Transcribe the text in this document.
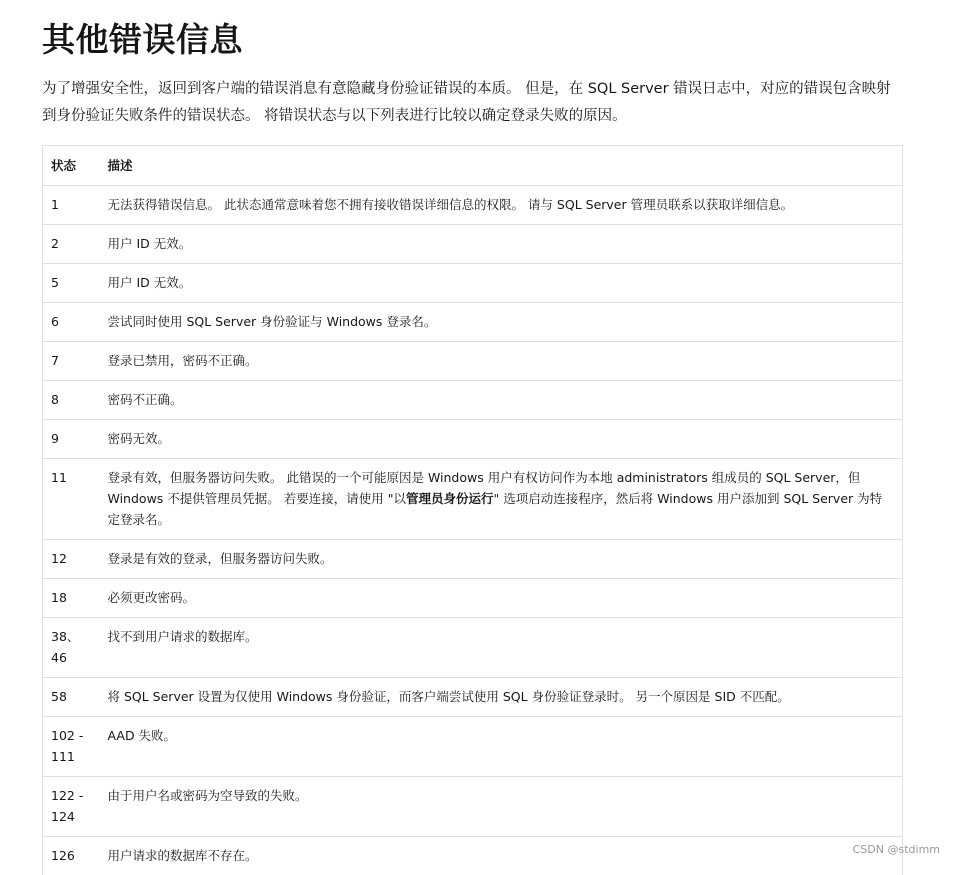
其他错误信息

为了增强安全性，返回到客户端的错误消息有意隐藏身份验证错误的本质。 但是，在 SQL Server 错误日志中，对应的错误包含映射到身份验证失败条件的错误状态。 将错误状态与以下列表进行比较以确定登录失败的原因。

状态	描述
1	无法获得错误信息。 此状态通常意味着您不拥有接收错误详细信息的权限。 请与 SQL Server 管理员联系以获取详细信息。
2	用户 ID 无效。
5	用户 ID 无效。
6	尝试同时使用 SQL Server 身份验证与 Windows 登录名。
7	登录已禁用，密码不正确。
8	密码不正确。
9	密码无效。
11	登录有效，但服务器访问失败。 此错误的一个可能原因是 Windows 用户有权访问作为本地 administrators 组成员的 SQL Server，但 Windows 不提供管理员凭据。 若要连接，请使用 "以管理员身份运行" 选项启动连接程序，然后将 Windows 用户添加到 SQL Server 为特定登录名。
12	登录是有效的登录，但服务器访问失败。
18	必须更改密码。
38、46	找不到用户请求的数据库。
58	将 SQL Server 设置为仅使用 Windows 身份验证，而客户端尝试使用 SQL 身份验证登录时。 另一个原因是 SID 不匹配。
102 - 111	AAD 失败。
122 - 124	由于用户名或密码为空导致的失败。
126	用户请求的数据库不存在。	CSDN @stdimm
